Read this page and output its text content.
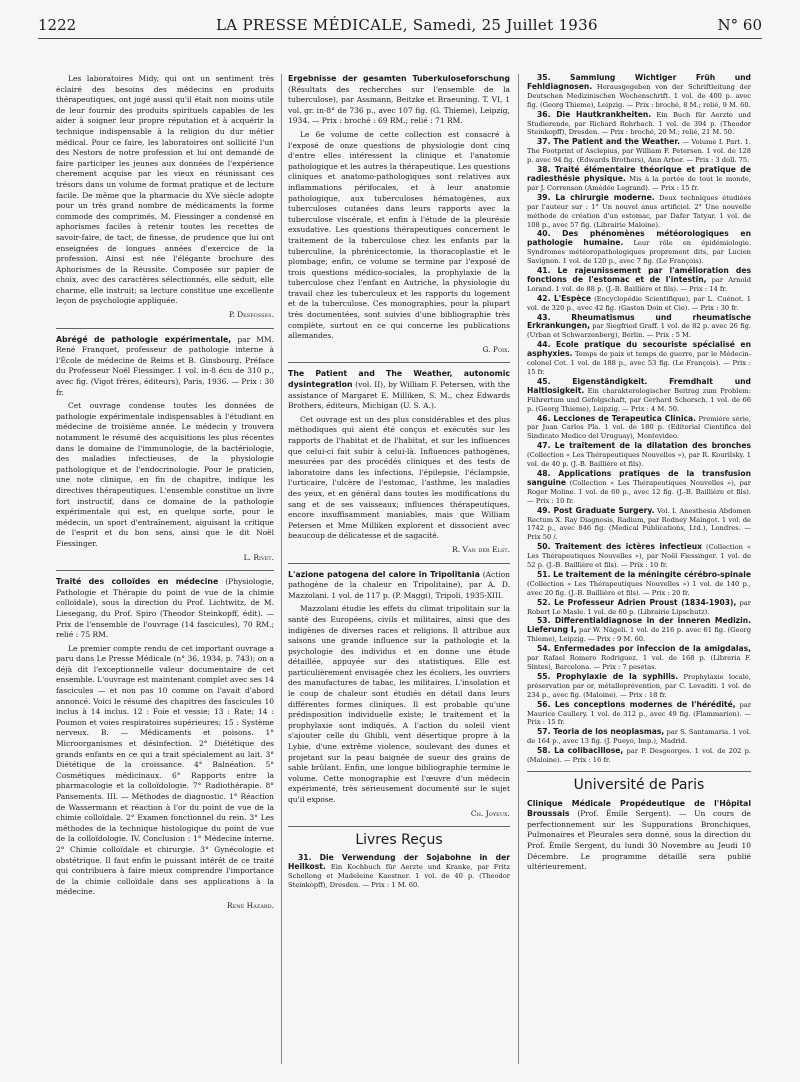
1222	LA PRESSE MÉDICALE, Samedi, 25 Juillet 1936	N° 60

Les laboratoires Midy, qui ont un sentiment très éclairé des besoins des médecins en produits thérapeutiques, ont jugé aussi qu'il était non moins utile de leur fournir des produits spirituels capables de les aider à soigner leur propre réputation et à acquérir la technique indispensable à la religion du dur métier médical. Pour ce faire, les laboratoires ont sollicité l'un des Nestors de notre profession et lui ont demandé de faire participer les jeunes aux données de l'expérience cherement acquise par les vieux en réunissant ces trésors dans un volume de format pratique et de lecture facile. De même que la pharmacie du XVe siècle adopte pour un très grand nombre de médicaments la forme commode des comprimés, M. Fiessinger a condensé en aphorismes faciles à retenir toutes les recettes de savoir-faire, de tact, de finesse, de prudence que lui ont enseignées de longues années d'exercice de la profession. Ainsi est née l'élégante brochure des Aphorismes de la Réussite. Composée sur papier de choix, avec des caractères sélectionnés, elle séduit, elle charme, elle instruit; sa lecture constitue une excellente leçon de psychologie appliquée.

P. Desfosses.

Abrégé de pathologie expérimentale, par MM. René Franquet, professeur de pathologie interne à l'École de médecine de Reims et B. Ginsbourg. Préface du Professeur Noël Fiessinger. 1 vol. in-8 écu de 310 p., avec fig. (Vigot frères, éditeurs), Paris, 1936. — Prix : 30 fr.

Cet ouvrage condense toutes les données de pathologie expérimentale indispensables à l'étudiant en médecine de troisième année. Le médecin y trouvera notamment le résumé des acquisitions les plus récentes dans le domaine de l'immunologie, de la bactériologie, des maladies infectieuses, de la physiologie pathologique et de l'endocrinologie. Pour le praticien, une note clinique, en fin de chapitre, indique les directives thérapeutiques. L'ensemble constitue un livre fort instructif, dans ce domaine de la pathologie expérimentale qui est, en quelque sorte, pour le médecin, un sport d'entraînement, aiguisant la critique de l'esprit et du bon sens, ainsi que le dit Noël Fiessinger.

L. Rivet.

Traité des colloïdes en médecine (Physiologie, Pathologie et Thérapie du point de vue de la chimie colloïdale), sous la direction du Prof. Lichtwitz, de M. Liesegang, du Prof. Spiro (Theodor Steinkopff, édit). — Prix de l'ensemble de l'ouvrage (14 fascicules), 70 RM.; relié : 75 RM.

Le premier compte rendu de cet important ouvrage a paru dans Le Presse Médicale (n° 36, 1934, p. 743); on a déjà dit l'exceptionnelle valeur documentaire de cet ensemble. L'ouvrage est maintenant complet avec ses 14 fascicules — et non pas 10 comme on l'avait d'abord annoncé. Voici le résumé des chapitres des fascicules 10 inclus à 14 inclus. 12 : Foie et vessie; 13 : Rate; 14 : Poumon et voies respiratoires supérieures; 15 : Système nerveux. B. — Médicaments et poisons. 1° Microorganismes et désinfection. 2° Diététique des grands enfants en ce qui a trait spécialement au lait. 3° Diététique de la croissance. 4° Balnéation. 5° Cosmétiques médicinaux. 6° Rapports entre la pharmacologie et la colloïdologie. 7° Radiothérapie. 8° Pansements. III. — Méthodes de diagnostic. 1° Réaction de Wassermann et réaction à l'or du point de vue de la chimie colloïdale. 2° Examen fonctionnel du rein. 3° Les méthodes de la technique histologique du point de vue de la colloïdologie. IV. Conclusion : 1° Médecine interne. 2° Chimie colloïdale et chirurgie. 3° Gynécologie et obstétrique. Il faut enfin le puissant intérêt de ce traité qui contribuera à faire mieux comprendre l'importance de la chimie colloïdale dans ses applications à la médecine.

René Hazard.

Ergebnisse der gesamten Tuberkuloseforschung (Résultats des recherches sur l'ensemble de la tuberculose), par Assmann, Beitzke et Braeuning. T. VI, 1 vol. gr. in-8° de 736 p., avec 107 fig. (G. Thieme), Leipzig, 1934. — Prix : broché : 69 RM.; relié : 71 RM.

Le 6e volume de cette collection est consacré à l'exposé de onze questions de physiologie dont cinq d'entre elles intéressent la clinique et l'anatomie pathologique et les autres la thérapeutique. Les questions cliniques et anatomo-pathologiques sont relatives aux inflammations périfocales, et à leur anatomie pathologique, aux tuberculoses hématogènes, aux tuberculoses cutanées dans leurs rapports avec la tuberculose viscérale, et enfin à l'étude de la pleurésie exsudative. Les questions thérapeutiques concernent le traitement de la tuberculose chez les enfants par la tuberculine, la phrénicectomie, la thoracoplastie et le plombage; enfin, ce volume se termine par l'exposé de trois questions médico-sociales, la prophylaxie de la tuberculose chez l'enfant en Autriche, la physiologie du travail chez les tuberculeux et les rapports du logement et de la tuberculose. Ces monographies, pour la plupart très documentées, sont suivies d'une bibliographie très complète, surtout en ce qui concerne les publications allemandes.

G. Poix.

The Patient and The Weather, autonomic dysintegration (vol. II), by William F. Petersen, with the assistance of Margaret E. Milliken, S. M., chez Edwards Brothers, éditeurs, Michigan (U. S. A.).

Cet ouvrage est un des plus considérables et des plus méthodiques qui aient été conçus et exécutés sur les rapports de l'habitat et de l'habitat, et sur les influences que celui-ci fait subir à celui-là. Influences pathogènes, mesurées par des procédés cliniques et des tests de laboratoire dans les infections, l'épilepsie, l'éclampsie, l'urticaire, l'ulcère de l'estomac, l'asthme, les maladies des yeux, et en général dans toutes les modifications du sang et de ses vaisseaux; influences thérapeutiques, encore insuffisamment maniables, mais que William Petersen et Mme Milliken explorent et dissocient avec beaucoup de délicatesse et de sagacité.

R. Van der Elst.

L'azione patogena del calore in Tripolitania (Action pathogène de la chaleur en Tripolitaine), par A. D. Mazzolani. 1 vol. de 117 p. (P. Maggi), Tripoli, 1935-XIII.

Mazzolani étudie les effets du climat tripolitain sur la santé des Européens, civils et militaires, ainsi que des indigènes de diverses races et religions. Il attribue aux saisons une grande influence sur la pathologie et la psychologie des individus et en donne une étude détaillée, appuyée sur des statistiques. Elle est particulièrement envisagée chez les écoliers, les ouvriers des manufactures de tabac, les militaires. L'insolation et le coup de chaleur sont étudiés en détail dans leurs différentes formes cliniques. Il est probable qu'une prédisposition individuelle existe; le traitement et la prophylaxie sont indiqués. A l'action du soleil vient s'ajouter celle du Ghibli, vent désertique propre à la Lybie, d'une extrême violence, soulevant des dunes et projetant sur la peau baignée de sueur des grains de sable brûlant. Enfin, une longue bibliographie termine le volume. Cette monographie est l'œuvre d'un médecin expérimenté, très sérieusement documenté sur le sujet qu'il expose.

Ch. Joyeux.
Livres Reçus

31. Die Verwendung der Sojabohne in der Heilkost. Ein Kochbuch für Aerzte und Kranke, par Fritz Schellong et Madeleine Kaestner. 1 vol. de 40 p. (Theodor Steinkopff), Dresden. — Prix : 1 M. 60.

35. Sammlung Wichtiger Früh und Fehldiagnosen. Herausgegeben von der Schriftleitung der Deutschen Medizinischen Wochenschrift. 1 vol. de 400 p. avec fig. (Georg Thieme), Leipzig. — Prix : broché, 8 M.; relié, 9 M. 60.

36. Die Hautkrankheiten. Ein Buch für Aerzte und Studierende, par Richard Rohrbach. 1 vol. de 394 p. (Theodor Steinkopff), Dresden. — Prix : broché, 20 M.; relié, 21 M. 50.

37. The Patient and the Weather. — Volume I. Part. 1. The Footprint of Asclepius, par William F. Petersen. 1 vol. de 128 p. avec 94 fig. (Edwards Brothers), Ann Arbor. — Prix : 3 doll. 75.

38. Traité élémentaire théorique et pratique de radiesthésie physique. Mis à la portée de tout le monde, par J. Correnson (Amédée Legrand). — Prix : 15 fr.

39. La chirurgie moderne. Deux techniques étudiées par l'auteur sur : 1° Un nouvel anus artificiel. 2° Une nouvelle méthode de création d'un estomac, par Dafer Tatyar. 1 vol. de 108 p., avec 57 fig. (Librairie Maloine).

40. Des phénomènes météorologiques en pathologie humaine. Leur rôle en épidémiologie. Syndromes météoropathologiques proprement dits, par Lucien Savignon. 1 vol. de 120 p., avec 7 fig. (Le François).

41. Le rajeunissement par l'amélioration des fonctions de l'estomac et de l'intestin, par Arnold Lorand. 1 vol. de 88 p. (J.-B. Baillière et fils). — Prix : 14 fr.

42. L'Espèce (Encyclopédie Scientifique), par L. Cuénot. 1 vol. de 320 p., avec 42 fig. (Gaston Doin et Cie). — Prix : 30 fr.

43. Rheumatismus und rheumatische Erkrankungen, par Siegfried Graff. 1 vol. de 82 p. avec 26 fig. (Urban et Schwarzenberg), Berlin. — Prix : 5 M.

44. Ecole pratique du secouriste spécialisé en asphyxies. Temps de paix et temps de guerre, par le Médecin-colonel Cot. 1 vol. de 188 p., avec 53 fig. (Le François). — Prix : 15 fr.

45. Eigenständigkeit. Fremdhalt und Haltlosigkeit. Ein charakterologischer Beitrag zum Problem: Führertum und Gefolgschaft, par Gerhard Schorsch. 1 vol. de 66 p. (Georg Thieme), Leipzig. — Prix : 4 M. 50.

46. Lecciones de Terapeutica Clinica. Première série, par Juan Carlos Pla. 1 vol. de 180 p. (Editorial Cientifica del Sindicato Medico del Uruguay), Montevideo.

47. Le traitement de la dilatation des bronches (Collection « Les Thérapeutiques Nouvelles »), par R. Kourilsky. 1 vol. de 40 p. (J.-B. Baillière et fils).

48. Applications pratiques de la transfusion sanguine (Collection « Les Thérapeutiques Nouvelles »), par Roger Moline. 1 vol. de 60 p., avec 12 fig. (J.-B. Baillière et fils). — Prix : 10 fr.

49. Post Graduate Surgery. Vol. I. Anesthesia Abdomen Rectum X. Ray Diagnosis, Radium, par Rodney Maingot. 1 vol. de 1742 p., avec 846 fig. (Medical Publications, Ltd.), Londres. — Prix 50 /.

50. Traitement des ictères infectieux (Collection « Les Thérapeutiques Nouvelles »), par Noël Fiessinger. 1 vol. de 52 p. (J.-B. Baillière et fils). — Prix : 10 fr.

51. Le traitement de la méningite cérébro-spinale (Collection « Les Thérapeutiques Nouvelles ») 1 vol. de 140 p., avec 20 fig. (J.-B. Baillière et fils). — Prix : 20 fr.

52. Le Professeur Adrien Proust (1834-1903), par Robert Le Masle. 1 vol. de 60 p. (Librairie Lipschutz).

53. Differentialdiagnose in der inneren Medizin. Lieferung I, par W. Nägeli. 1 vol. de 216 p. avec 61 fig. (Georg Thieme), Leipzig. — Prix : 9 M. 60.

54. Enfermedades por infeccion de la amigdalas, par Rafael Romero Rodriguez. 1 vol. de 168 p. (Libreria F. Sintes), Barcelona. — Prix : 7 pesetas.

55. Prophylaxie de la syphilis. Prophylaxie locale, préservation par or, métalloprévention, par C. Levaditi. 1 vol. de 234 p., avec fig. (Maloine). — Prix : 18 fr.

56. Les conceptions modernes de l'hérédité, par Maurice Caullery. 1 vol. de 312 p., avec 49 fig. (Flammarion). — Prix : 15 fr.

57. Teoria de los neoplasmas, par S. Santamaria. 1 vol. de 164 p., avec 13 fig. (J. Pueyo, Imp.), Madrid.

58. La colibacillose, par P. Desgeorges. 1 vol. de 202 p. (Maloine). — Prix : 16 fr.

Université de Paris

Clinique Médicale Propédeutique de l'Hôpital Broussais (Prof. Émile Sergent). — Un cours de perfectionnement sur les Suppurations Bronchiques, Pulmonaires et Pleurales sera donné, sous la direction du Prof. Émile Sergent, du lundi 30 Novembre au Jeudi 10 Décembre. Le programme détaillé sera publié ultérieurement.
